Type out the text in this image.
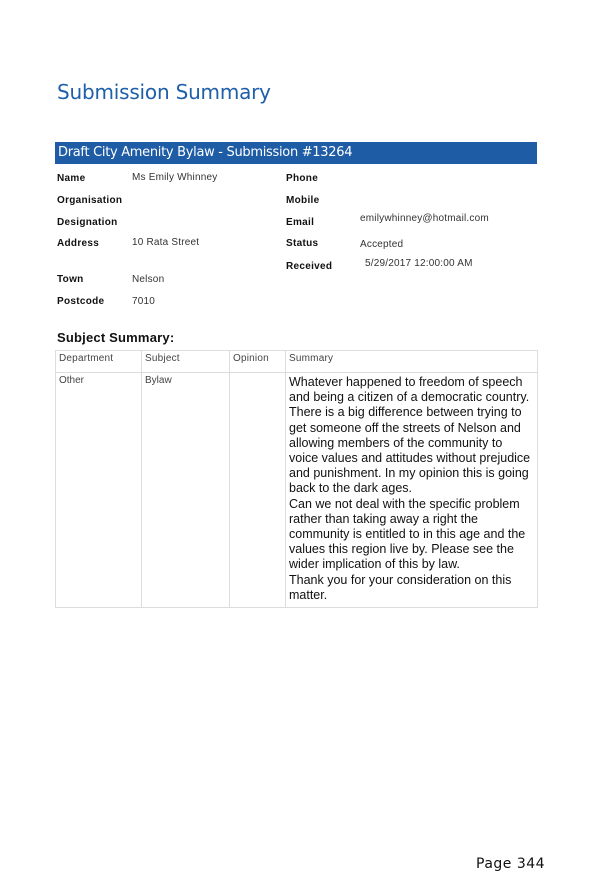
Submission Summary
Draft City Amenity Bylaw - Submission #13264
Name	Ms Emily Whinney
Organisation
Designation
Address	10 Rata Street
Town	Nelson
Postcode	7010
Phone
Mobile
Email	emilywhinney@hotmail.com
Status	Accepted
Received	5/29/2017 12:00:00 AM
Subject Summary:
Department	Subject	Opinion	Summary
Other	Bylaw		Whatever happened to freedom of speech and being a citizen of a democratic country. There is a big difference between trying to get someone off the streets of Nelson and allowing members of the community to voice values and attitudes without prejudice and punishment. In my opinion this is going back to the dark ages.
Can we not deal with the specific problem rather than taking away a right the community is entitled to in this age and the values this region live by. Please see the wider implication of this by law.
Thank you for your consideration on this matter.
Page 344
